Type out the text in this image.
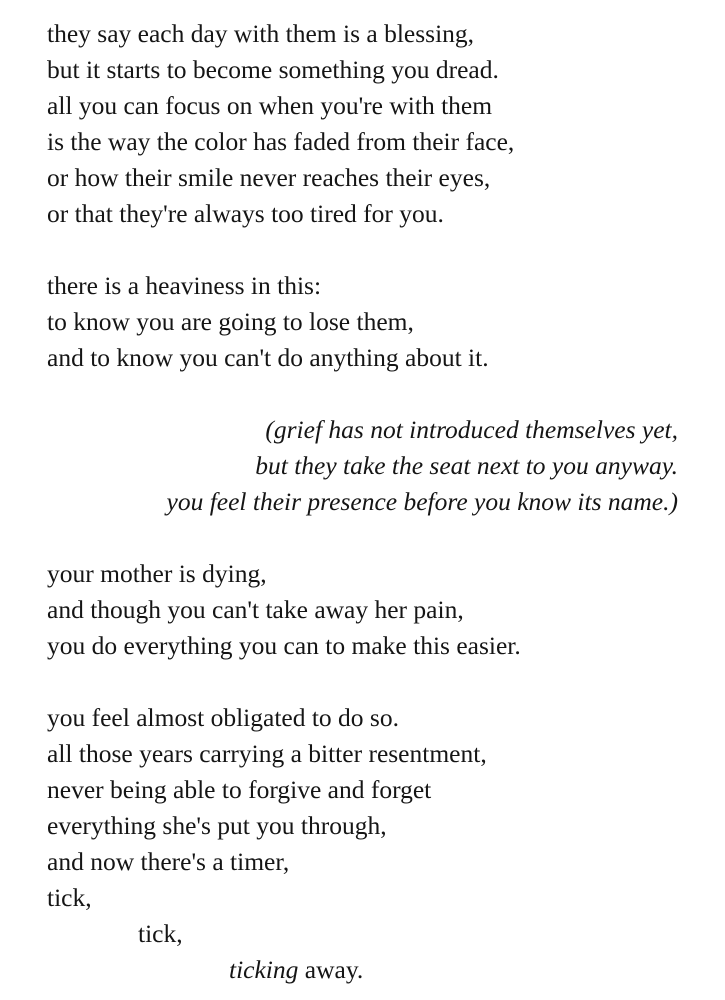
they say each day with them is a blessing,
but it starts to become something you dread.
all you can focus on when you're with them
is the way the color has faded from their face,
or how their smile never reaches their eyes,
or that they're always too tired for you.
there is a heaviness in this:
to know you are going to lose them,
and to know you can't do anything about it.
(grief has not introduced themselves yet,
but they take the seat next to you anyway.
you feel their presence before you know its name.)
your mother is dying,
and though you can't take away her pain,
you do everything you can to make this easier.
you feel almost obligated to do so.
all those years carrying a bitter resentment,
never being able to forgive and forget
everything she's put you through,
and now there's a timer,
tick,
tick,
ticking away.
